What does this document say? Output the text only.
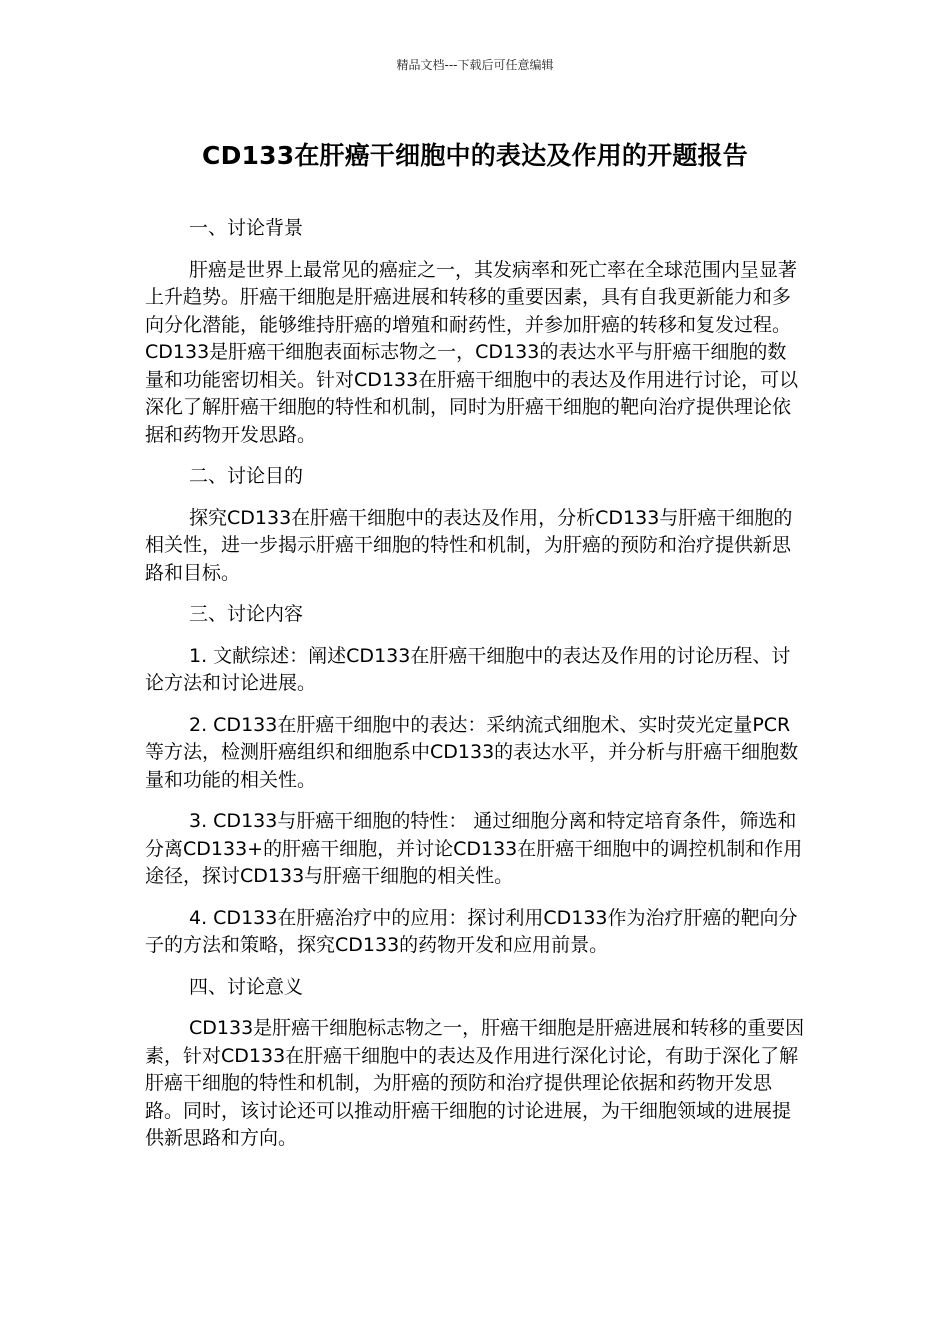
精品文档---下载后可任意编辑
CD133在肝癌干细胞中的表达及作用的开题报告

一、讨论背景

肝癌是世界上最常见的癌症之一，其发病率和死亡率在全球范围内呈显著上升趋势。肝癌干细胞是肝癌进展和转移的重要因素，具有自我更新能力和多向分化潜能，能够维持肝癌的增殖和耐药性，并参加肝癌的转移和复发过程。CD133是肝癌干细胞表面标志物之一，CD133的表达水平与肝癌干细胞的数量和功能密切相关。针对CD133在肝癌干细胞中的表达及作用进行讨论，可以深化了解肝癌干细胞的特性和机制，同时为肝癌干细胞的靶向治疗提供理论依据和药物开发思路。

二、讨论目的

探究CD133在肝癌干细胞中的表达及作用，分析CD133与肝癌干细胞的相关性，进一步揭示肝癌干细胞的特性和机制，为肝癌的预防和治疗提供新思路和目标。

三、讨论内容

1. 文献综述：阐述CD133在肝癌干细胞中的表达及作用的讨论历程、讨论方法和讨论进展。

2. CD133在肝癌干细胞中的表达：采纳流式细胞术、实时荧光定量PCR等方法，检测肝癌组织和细胞系中CD133的表达水平，并分析与肝癌干细胞数量和功能的相关性。

3. CD133与肝癌干细胞的特性： 通过细胞分离和特定培育条件，筛选和分离CD133+的肝癌干细胞，并讨论CD133在肝癌干细胞中的调控机制和作用途径，探讨CD133与肝癌干细胞的相关性。

4. CD133在肝癌治疗中的应用：探讨利用CD133作为治疗肝癌的靶向分子的方法和策略，探究CD133的药物开发和应用前景。

四、讨论意义

CD133是肝癌干细胞标志物之一，肝癌干细胞是肝癌进展和转移的重要因素，针对CD133在肝癌干细胞中的表达及作用进行深化讨论，有助于深化了解肝癌干细胞的特性和机制，为肝癌的预防和治疗提供理论依据和药物开发思路。同时，该讨论还可以推动肝癌干细胞的讨论进展，为干细胞领域的进展提供新思路和方向。
